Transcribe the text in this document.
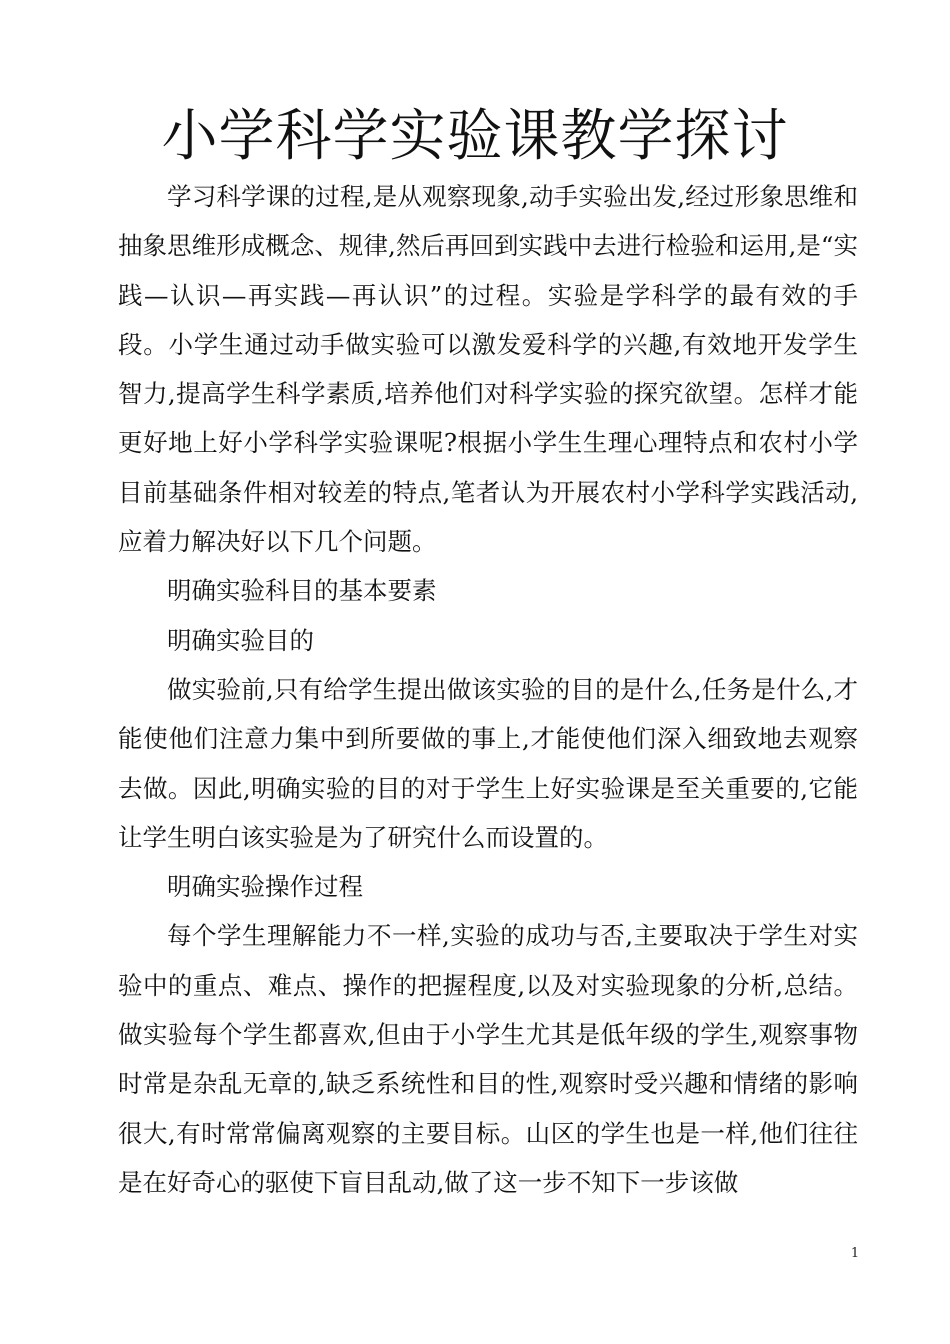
小学科学实验课教学探讨

学习科学课的过程,是从观察现象,动手实验出发,经过形象思维和抽象思维形成概念、规律,然后再回到实践中去进行检验和运用,是“实践—认识—再实践—再认识”的过程。实验是学科学的最有效的手段。小学生通过动手做实验可以激发爱科学的兴趣,有效地开发学生智力,提高学生科学素质,培养他们对科学实验的探究欲望。怎样才能更好地上好小学科学实验课呢?根据小学生生理心理特点和农村小学目前基础条件相对较差的特点,笔者认为开展农村小学科学实践活动,应着力解决好以下几个问题。

明确实验科目的基本要素

明确实验目的

做实验前,只有给学生提出做该实验的目的是什么,任务是什么,才能使他们注意力集中到所要做的事上,才能使他们深入细致地去观察去做。因此,明确实验的目的对于学生上好实验课是至关重要的,它能让学生明白该实验是为了研究什么而设置的。

明确实验操作过程

每个学生理解能力不一样,实验的成功与否,主要取决于学生对实验中的重点、难点、操作的把握程度,以及对实验现象的分析,总结。做实验每个学生都喜欢,但由于小学生尤其是低年级的学生,观察事物时常是杂乱无章的,缺乏系统性和目的性,观察时受兴趣和情绪的影响很大,有时常常偏离观察的主要目标。山区的学生也是一样,他们往往是在好奇心的驱使下盲目乱动,做了这一步不知下一步该做

1
